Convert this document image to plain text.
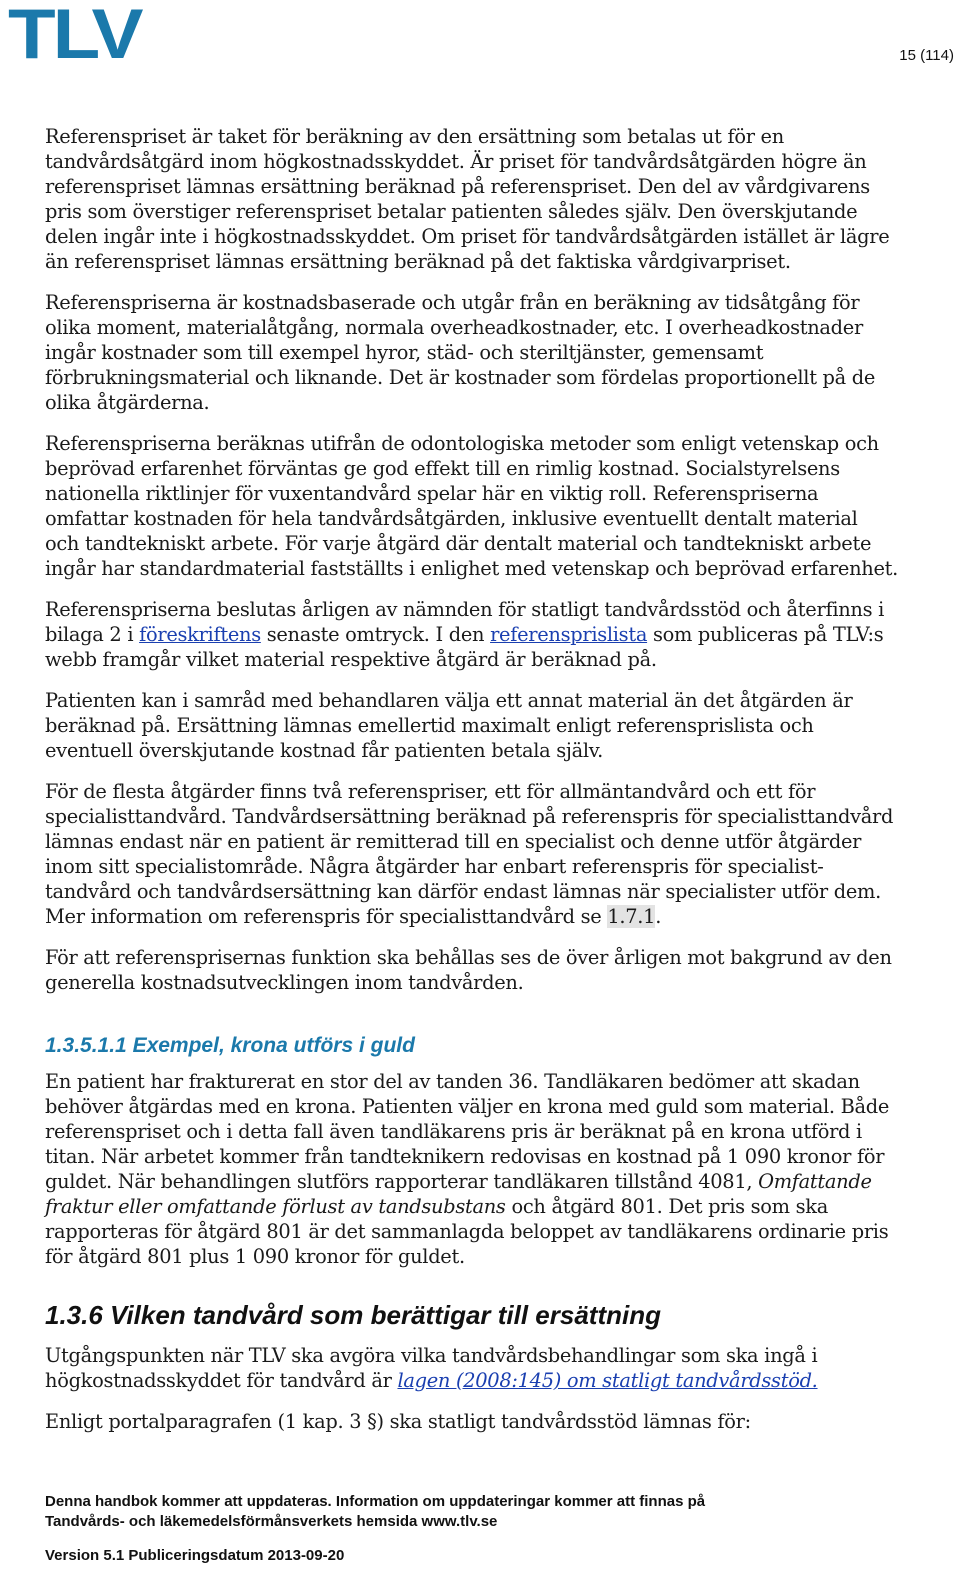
TLV	15 (114)

Referenspriset är taket för beräkning av den ersättning som betalas ut för en
tandvårdsåtgärd inom högkostnadsskyddet. Är priset för tandvårdsåtgärden högre än
referenspriset lämnas ersättning beräknad på referenspriset. Den del av vårdgivarens
pris som överstiger referenspriset betalar patienten således själv. Den överskjutande
delen ingår inte i högkostnadsskyddet. Om priset för tandvårdsåtgärden istället är lägre
än referenspriset lämnas ersättning beräknad på det faktiska vårdgivarpriset.

Referenspriserna är kostnadsbaserade och utgår från en beräkning av tidsåtgång för
olika moment, materialåtgång, normala overheadkostnader, etc. I overheadkostnader
ingår kostnader som till exempel hyror, städ- och steriltjänster, gemensamt
förbrukningsmaterial och liknande. Det är kostnader som fördelas proportionellt på de
olika åtgärderna.

Referenspriserna beräknas utifrån de odontologiska metoder som enligt vetenskap och
beprövad erfarenhet förväntas ge god effekt till en rimlig kostnad. Socialstyrelsens
nationella riktlinjer för vuxentandvård spelar här en viktig roll. Referenspriserna
omfattar kostnaden för hela tandvårdsåtgärden, inklusive eventuellt dentalt material
och tandtekniskt arbete. För varje åtgärd där dentalt material och tandtekniskt arbete
ingår har standardmaterial fastställts i enlighet med vetenskap och beprövad erfarenhet.

Referenspriserna beslutas årligen av nämnden för statligt tandvårdsstöd och återfinns i
bilaga 2 i föreskriftens senaste omtryck. I den referensprislista som publiceras på TLV:s
webb framgår vilket material respektive åtgärd är beräknad på.

Patienten kan i samråd med behandlaren välja ett annat material än det åtgärden är
beräknad på. Ersättning lämnas emellertid maximalt enligt referensprislista och
eventuell överskjutande kostnad får patienten betala själv.

För de flesta åtgärder finns två referenspriser, ett för allmäntandvård och ett för
specialisttandvård. Tandvårdsersättning beräknad på referenspris för specialisttandvård
lämnas endast när en patient är remitterad till en specialist och denne utför åtgärder
inom sitt specialistområde. Några åtgärder har enbart referenspris för specialist-
tandvård och tandvårdsersättning kan därför endast lämnas när specialister utför dem.
Mer information om referenspris för specialisttandvård se 1.7.1.

För att referensprisernas funktion ska behållas ses de över årligen mot bakgrund av den
generella kostnadsutvecklingen inom tandvården.

1.3.5.1.1 Exempel, krona utförs i guld

En patient har frakturerat en stor del av tanden 36. Tandläkaren bedömer att skadan
behöver åtgärdas med en krona. Patienten väljer en krona med guld som material. Både
referenspriset och i detta fall även tandläkarens pris är beräknat på en krona utförd i
titan. När arbetet kommer från tandteknikern redovisas en kostnad på 1 090 kronor för
guldet. När behandlingen slutförs rapporterar tandläkaren tillstånd 4081, Omfattande
fraktur eller omfattande förlust av tandsubstans och åtgärd 801. Det pris som ska
rapporteras för åtgärd 801 är det sammanlagda beloppet av tandläkarens ordinarie pris
för åtgärd 801 plus 1 090 kronor för guldet.

1.3.6 Vilken tandvård som berättigar till ersättning

Utgångspunkten när TLV ska avgöra vilka tandvårdsbehandlingar som ska ingå i
högkostnadsskyddet för tandvård är lagen (2008:145) om statligt tandvårdsstöd.

Enligt portalparagrafen (1 kap. 3 §) ska statligt tandvårdsstöd lämnas för:

Denna handbok kommer att uppdateras. Information om uppdateringar kommer att finnas på
Tandvårds- och läkemedelsförmånsverkets hemsida www.tlv.se
Version 5.1 Publiceringsdatum 2013-09-20
